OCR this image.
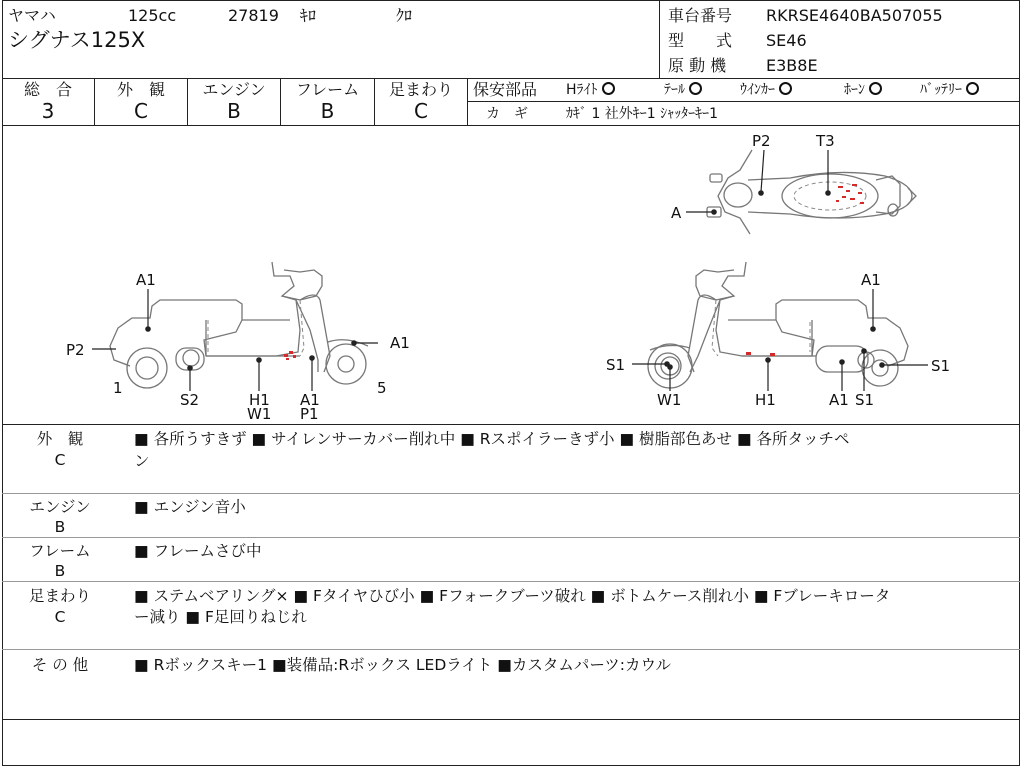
ヤマハ	125cc	27819 ｷﾛ	ｸﾛ
シグナス125X
車台番号 RKRSE4640BA507055
型　　式 SE46
原 動 機 E3B8E
総　合	外　観	エンジン	フレーム	足まわり
3	C	B	B	C
保安部品 Hﾗｲﾄ	ﾃｰﾙ	ｳｲﾝｶｰ	ﾎｰﾝ	ﾊﾞｯﾃﾘｰ
カ　ギ	ｶｷﾞ 1 社外ｷｰ1 ｼｬｯﾀｰｷｰ1
P2	T3
A
A1
P2	A1
1
S2	H1
W1
A1
P1
5
A1
S1	S1
W1	H1	A1 S1
外　観
C
■ 各所うすきず ■ サイレンサーカバー削れ中 ■ Rスポイラーきず小 ■ 樹脂部色あせ ■ 各所タッチペ
ン
エンジン
B
■ エンジン音小
フレーム
B
■ フレームさび中
足まわり
C
■ ステムベアリング× ■ Fタイヤひび小 ■ Fフォークブーツ破れ ■ ボトムケース削れ小 ■ Fブレーキロータ
ー減り ■ F足回りねじれ
そ の 他	■ Rボックスキー1 ■装備品:Rボックス LEDライト ■カスタムパーツ:カウル
